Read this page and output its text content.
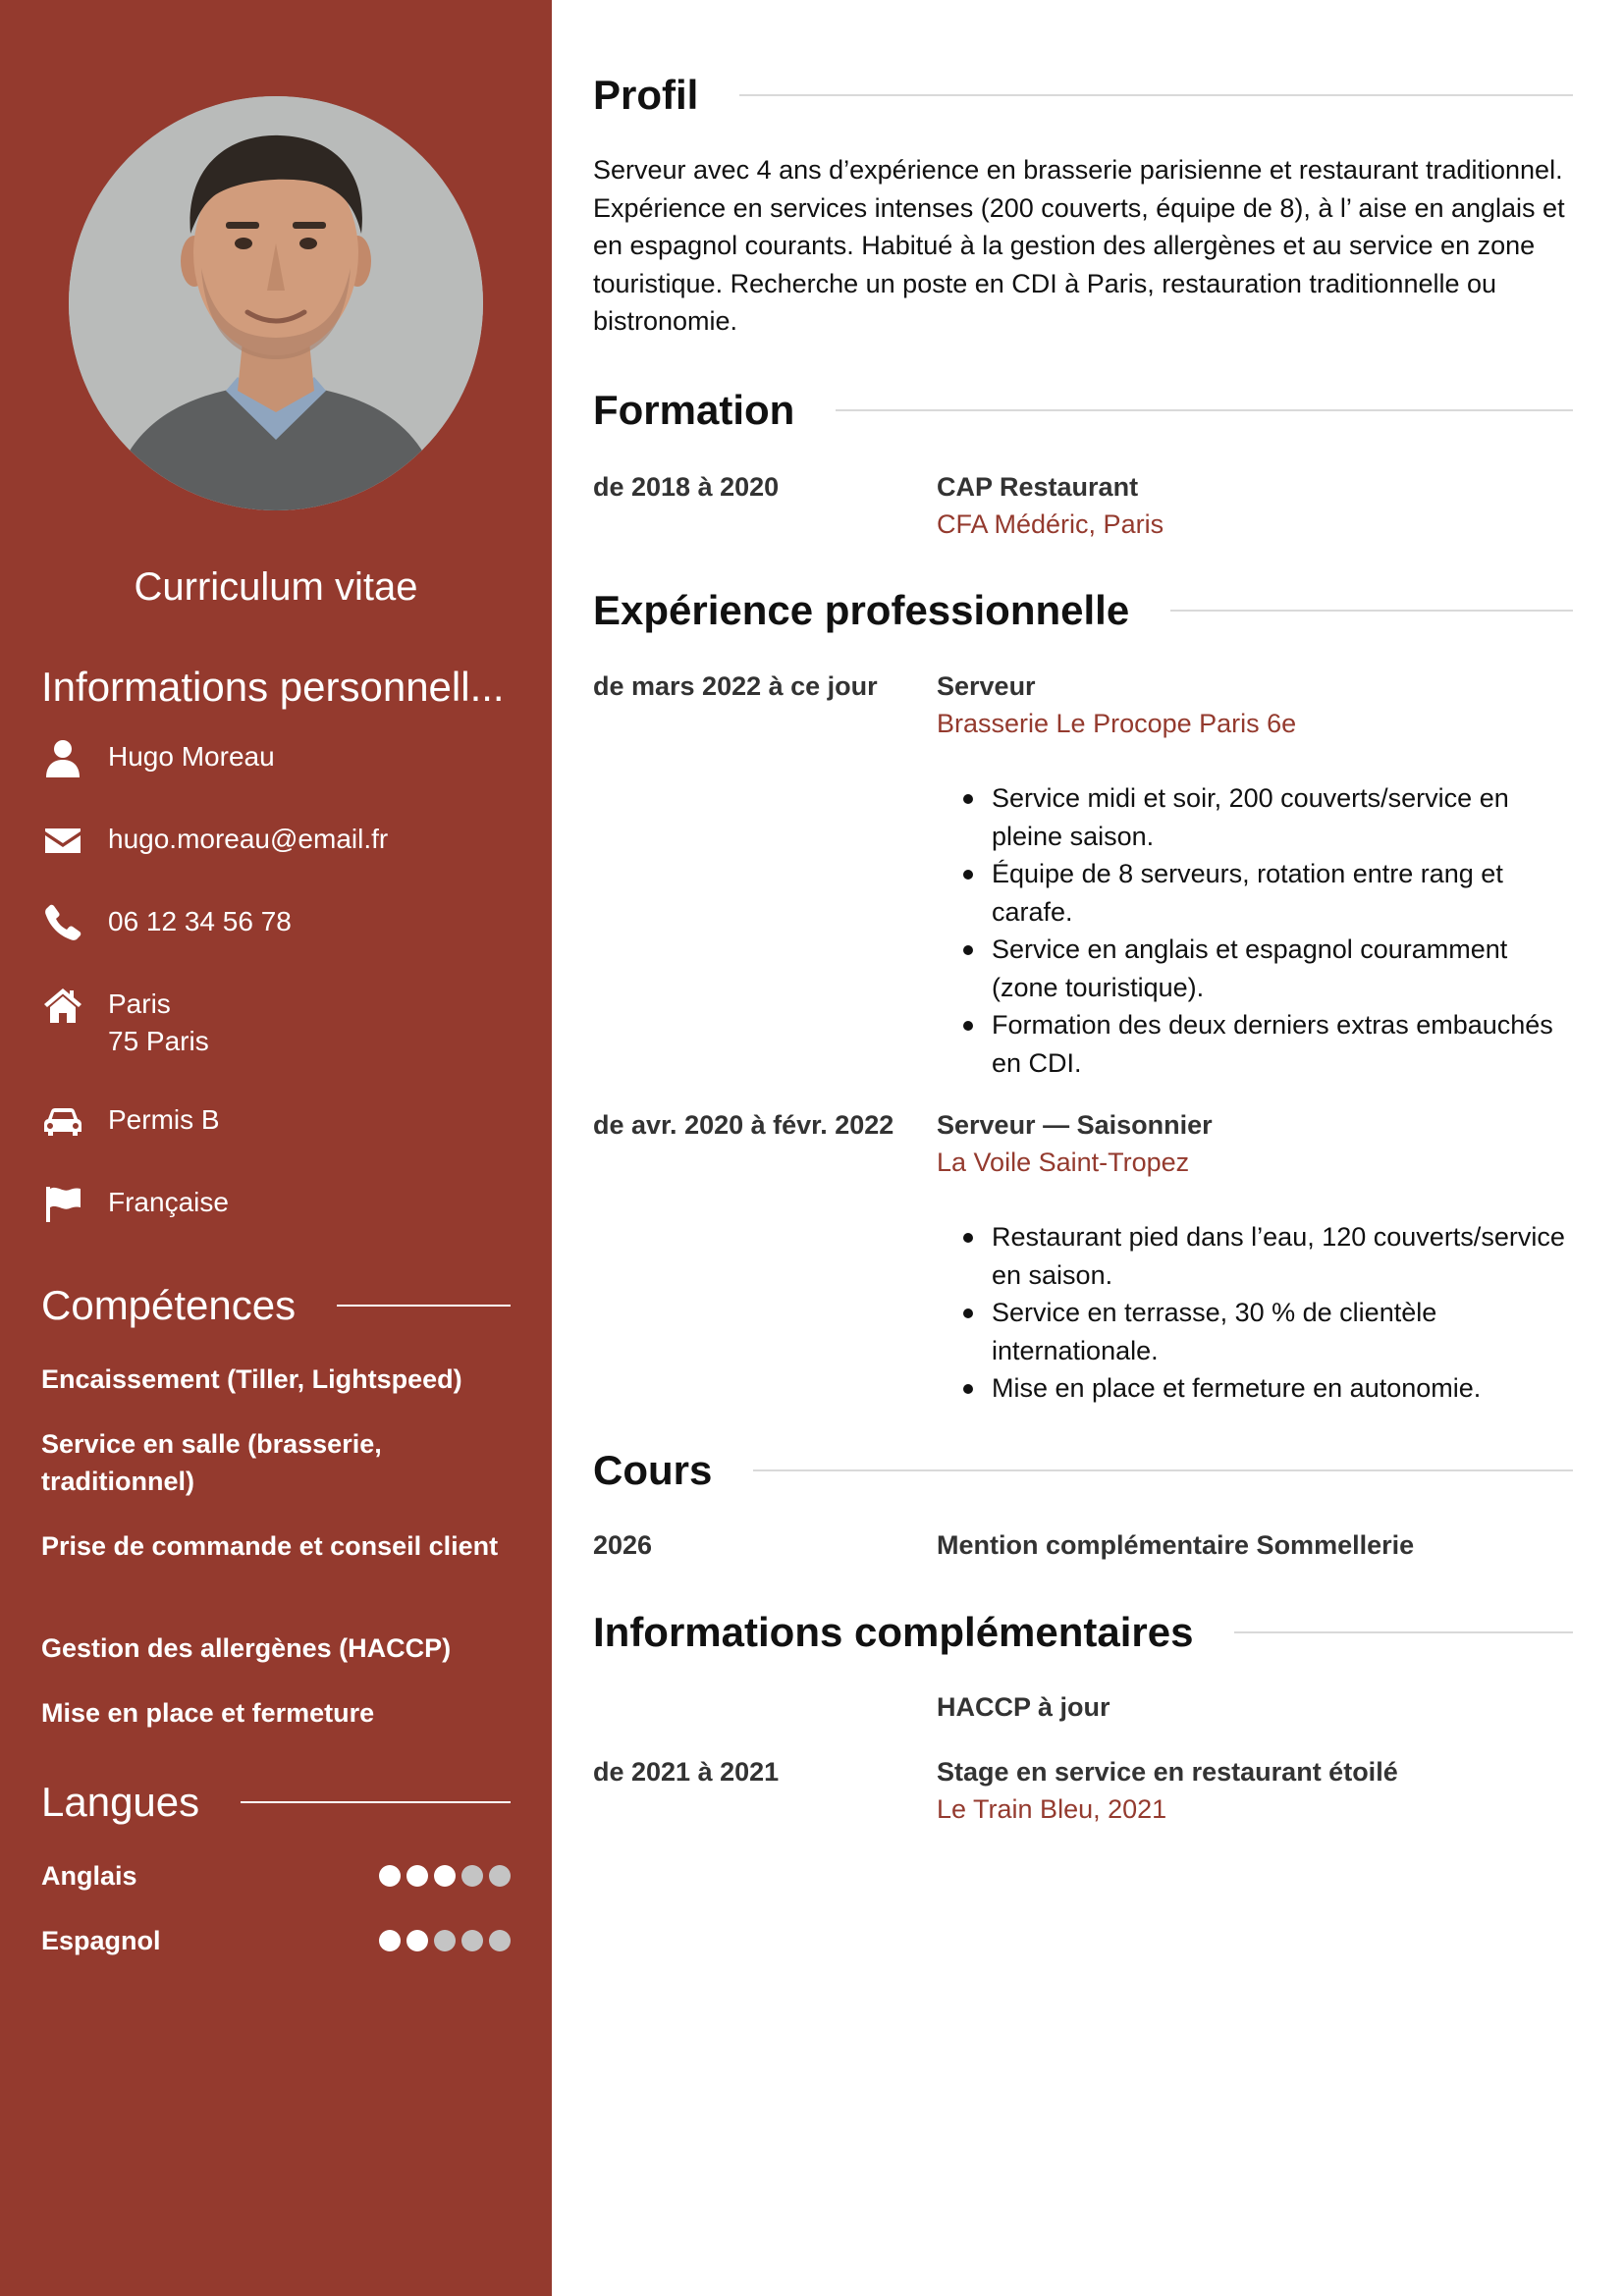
Curriculum vitae
Informations personnell...
Hugo Moreau
hugo.moreau@email.fr
06 12 34 56 78
Paris
75 Paris
Permis B
Française
Compétences
Encaissement (Tiller, Lightspeed)
Service en salle (brasserie, traditionnel)
Prise de commande et conseil client
Gestion des allergènes (HACCP)
Mise en place et fermeture
Langues
Anglais
Espagnol
Profil

Serveur avec 4 ans d’expérience en brasserie parisienne et restaurant traditionnel. Expérience en services intenses (200 couverts, équipe de 8), à l’ aise en anglais et en espagnol courants. Habitué à la gestion des allergènes et au service en zone touristique. Recherche un poste en CDI à Paris, restauration traditionnelle ou bistronomie.

Formation
de 2018 à 2020	CAP Restaurant
CFA Médéric, Paris
Expérience professionnelle
de mars 2022 à ce jour	Serveur
Brasserie Le Procope Paris 6e
Service midi et soir, 200 couverts/service en pleine saison.
Équipe de 8 serveurs, rotation entre rang et carafe.
Service en anglais et espagnol couramment (zone touristique).
Formation des deux derniers extras embauchés en CDI.
de avr. 2020 à févr. 2022	Serveur — Saisonnier
La Voile Saint-Tropez
Restaurant pied dans l’eau, 120 couverts/service en saison.
Service en terrasse, 30 % de clientèle internationale.
Mise en place et fermeture en autonomie.
Cours
2026	Mention complémentaire Sommellerie
Informations complémentaires
HACCP à jour
de 2021 à 2021	Stage en service en restaurant étoilé
Le Train Bleu, 2021
